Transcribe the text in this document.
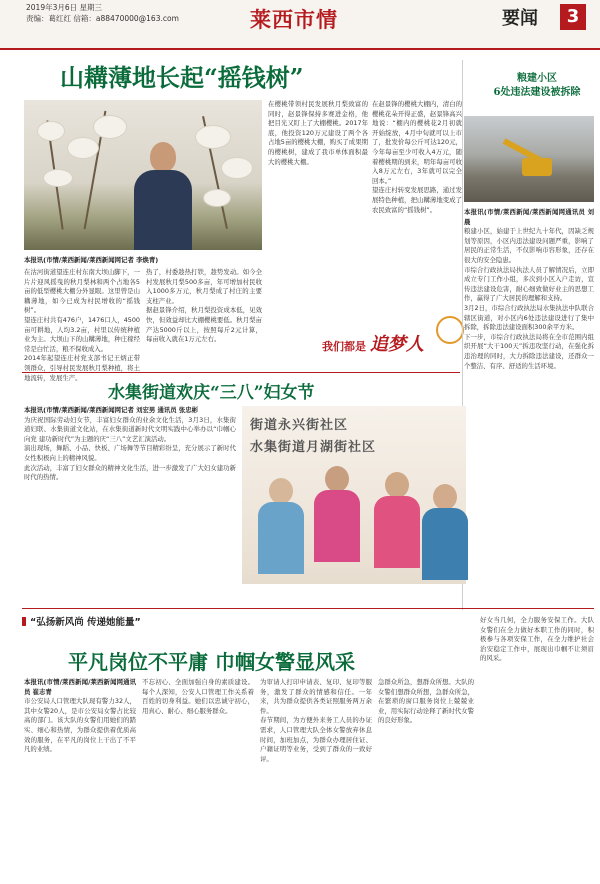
2019年3月6日 星期三
责编：葛红红 信箱：a88470000@163.com	莱西市情	要闻	3
山耩薄地长起“摇钱树”
本报讯(市情/莱西新闻/莱西新闻网记者 李焕青)

在沽河街道望连庄村东南大坝山脚下，一片片迎风摇曳的秋月梨林和两个占地各5亩的低型樱桃大棚分外显眼。这里曾是山耩薄地，如今已成为村民增收的“摇钱树”。

望连庄村共有476户，1476口人，4500亩可耕地，人均3.2亩，村里以传统种植业为主。大坝山下的山耩薄地，种庄稼经常是白忙活，粮不保收成入。

2014年起望连庄村党支部书记王炳正带领群众，引导村民发展秋月梨种植，将土地流转，发展生产。

热了，村委趁热打铁，趁势发动。如今全村发展秋月梨500多亩，年可增加村民收入1000多万元，秋月梨成了村庄的主要支柱产业。

据赵景锋介绍，秋月梨投资成本低，见效快，但效益却比大棚樱桃要低。秋月梨亩产达5000斤以上，按照每斤2元计算，每亩收入就在1万元左右。

在樱桃带领村民发展秋月梨致富的同时，赵景锋保持多赛进金格，他把目光又盯上了大棚樱桃。2017年底，他投资120万元建设了两个各占地5亩的樱桃大棚，购买了成果期的樱桃树，建成了我市单体面积最大的樱桃大棚。

在赵景锋的樱桃大棚内，清白的樱桃花朵开得正盛，赵景锋高兴地说：“棚内的樱桃花2月初就开始绽放，4月中旬就可以上市了，批发价每公斤可达120元，今年每亩至少可收入4万元，随着樱桃期的到来，明年每亩可收入8万元左右，3年就可以完全回本。”

望连庄村转变发展思路，通过发展特色种植，把山耩薄地变成了农民致富的“摇钱树”。

我们都是 追梦人
粮建小区
6处违法建设被拆除

本报讯(市情/莱西新闻/莱西新闻网通讯员 刘晨

粮建小区，始建于上世纪九十年代，因缺乏规划等原因，小区内违法建设问题严重，影响了居民的正常生活，不仅影响市容形象，还存在很大的安全隐患。

市综合行政执法局执法人员了解情况后，立即成立专门工作小组，多次到小区入户走访，宣传违法建设危害，耐心细致做好业主的思想工作，赢得了广大居民的理解和支持。

3月2日，市综合行政执法局水集执法中队联合辖区街道，对小区内6处违法建设进行了集中拆除，拆除违法建设面积300余平方米。

下一步，市综合行政执法局将在全市范围内组织开展“大干100天”拆违攻坚行动，在强化拆违治理的同时，大力拆除违法建设，还群众一个整洁、有序、舒适的生活环境。

水集街道欢庆“三八”妇女节

本报讯(市情/莱西新闻/莱西新闻网记者 刘宏男 通讯员 张忠彬

为庆祝国际劳动妇女节，丰富妇女群众的业余文化生活，3月3日，水集街道妇联、水集街道文化站，在水集街道新时代文明实践中心举办以“巾帼心向党 建功新时代”为主题的庆“三八”文艺汇演活动。

演出现场，舞蹈、小品、快板、广场舞等节目精彩纷呈，充分展示了新时代女性积极向上的精神风貌。

此次活动，丰富了妇女群众的精神文化生活，进一步激发了广大妇女建功新时代的热情。

街道永兴街社区
水集街道月湖街社区
“弘扬新风尚 传递她能量”
平凡岗位不平庸 巾帼女警显风采

本报讯(市情/莱西新闻/莱西新闻网通讯员 崔志青

市公安局人口管理大队现有警力32人，其中女警20人，是市公安局女警占比较高的部门。该大队的女警们用她们的踏实、细心和热情，为群众提供着优质高效的服务，在平凡的岗位上干出了不平凡的业绩。

不忘初心、全面加强自身的素质建设。每个人深知，公安人口管理工作关系着百姓的切身利益。她们以忠诚守初心，用真心、耐心、细心服务群众。

为审请人打印申请表、复印、复印等服务，激发了群众的情感和信任。一年来，共为群众提供各类证照服务两万余件。

春节期间，为方便外来务工人员的办证需求，人口管理大队全体女警放弃休息时间，加班加点，为群众办理居住证、户籍证明等业务，受到了群众的一致好评。

急群众所急，想群众所想。大队的女警们想群众所想，急群众所急，在繁琐的窗口服务岗位上兢兢业业，用实际行动诠释了新时代女警的良好形象。

好女当几何，全力服务安保工作。大队女警们在全力做好本职工作的同时，积极参与各项安保工作，在全力维护社会治安稳定工作中，展现出巾帼不让须眉的风采。
